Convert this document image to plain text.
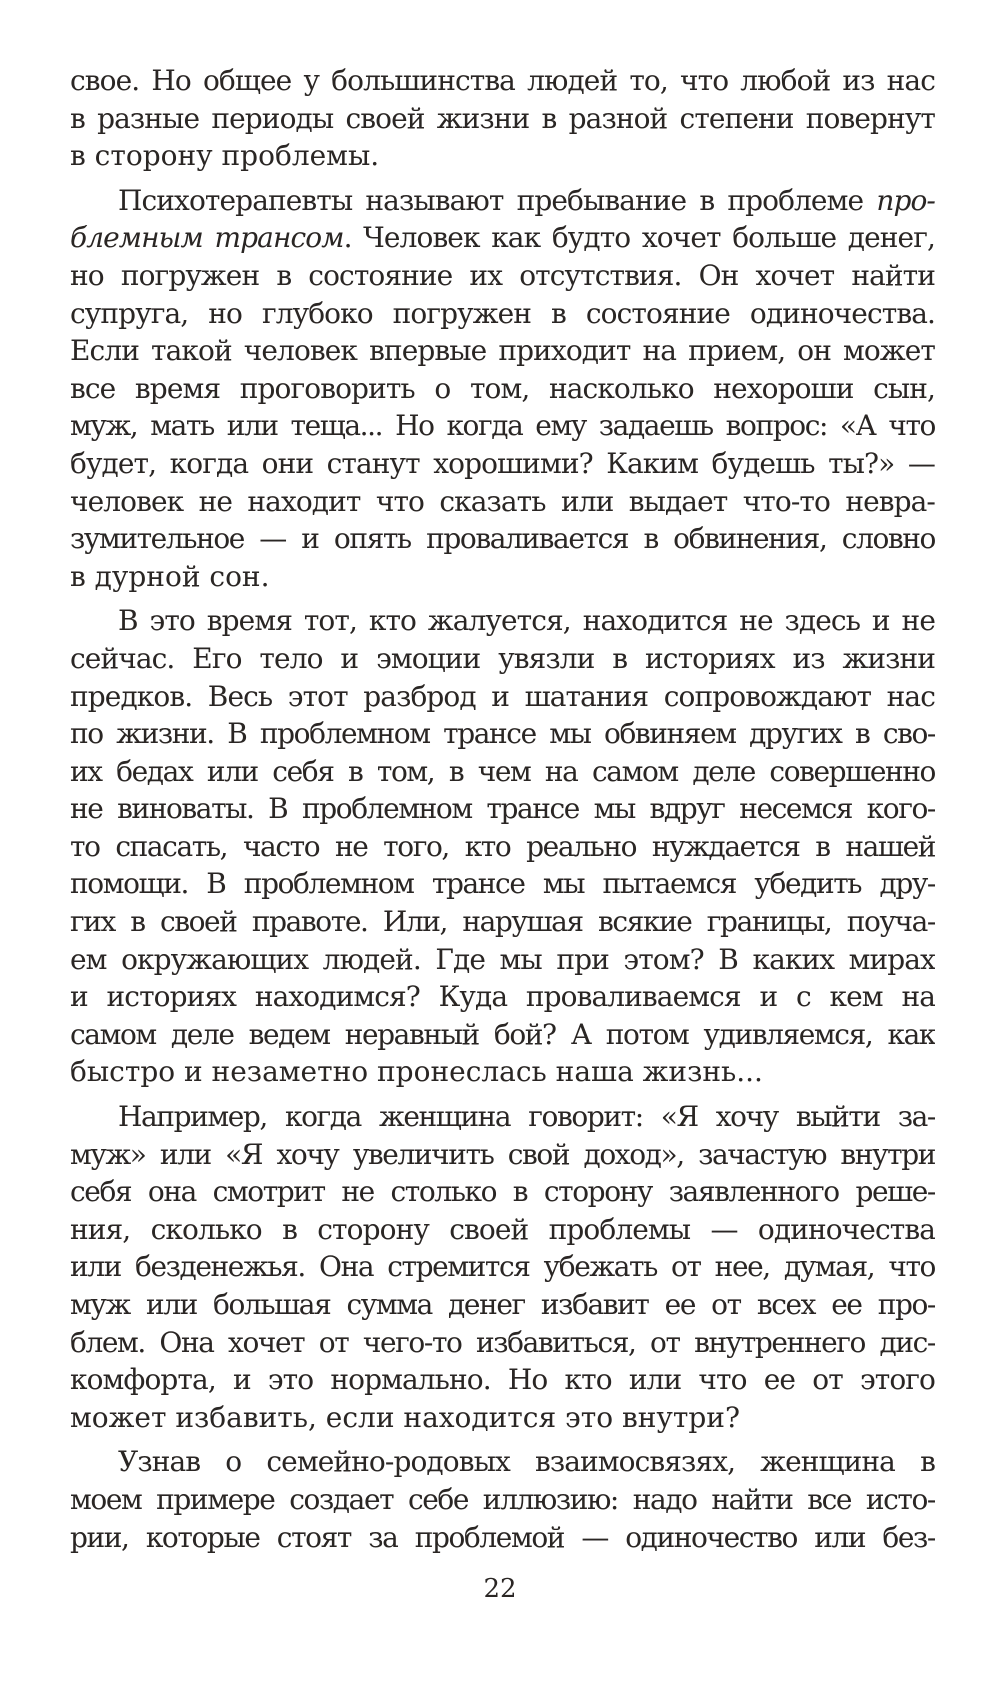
свое. Но общее у большинства людей то, что любой из нас
в разные периоды своей жизни в разной степени повернут
в сторону проблемы.
Психотерапевты называют пребывание в проблеме про-
блемным трансом. Человек как будто хочет больше денег,
но погружен в состояние их отсутствия. Он хочет найти
супруга, но глубоко погружен в состояние одиночества.
Если такой человек впервые приходит на прием, он может
все время проговорить о том, насколько нехороши сын,
муж, мать или теща... Но когда ему задаешь вопрос: «А что
будет, когда они станут хорошими? Каким будешь ты?» —
человек не находит что сказать или выдает что-то невра-
зумительное — и опять проваливается в обвинения, словно
в дурной сон.
В это время тот, кто жалуется, находится не здесь и не
сейчас. Его тело и эмоции увязли в историях из жизни
предков. Весь этот разброд и шатания сопровождают нас
по жизни. В проблемном трансе мы обвиняем других в сво-
их бедах или себя в том, в чем на самом деле совершенно
не виноваты. В проблемном трансе мы вдруг несемся кого-
то спасать, часто не того, кто реально нуждается в нашей
помощи. В проблемном трансе мы пытаемся убедить дру-
гих в своей правоте. Или, нарушая всякие границы, поуча-
ем окружающих людей. Где мы при этом? В каких мирах
и историях находимся? Куда проваливаемся и с кем на
самом деле ведем неравный бой? А потом удивляемся, как
быстро и незаметно пронеслась наша жизнь...
Например, когда женщина говорит: «Я хочу выйти за-
муж» или «Я хочу увеличить свой доход», зачастую внутри
себя она смотрит не столько в сторону заявленного реше-
ния, сколько в сторону своей проблемы — одиночества
или безденежья. Она стремится убежать от нее, думая, что
муж или большая сумма денег избавит ее от всех ее про-
блем. Она хочет от чего-то избавиться, от внутреннего дис-
комфорта, и это нормально. Но кто или что ее от этого
может избавить, если находится это внутри?
Узнав о семейно-родовых взаимосвязях, женщина в
моем примере создает себе иллюзию: надо найти все исто-
рии, которые стоят за проблемой — одиночество или без-
22
